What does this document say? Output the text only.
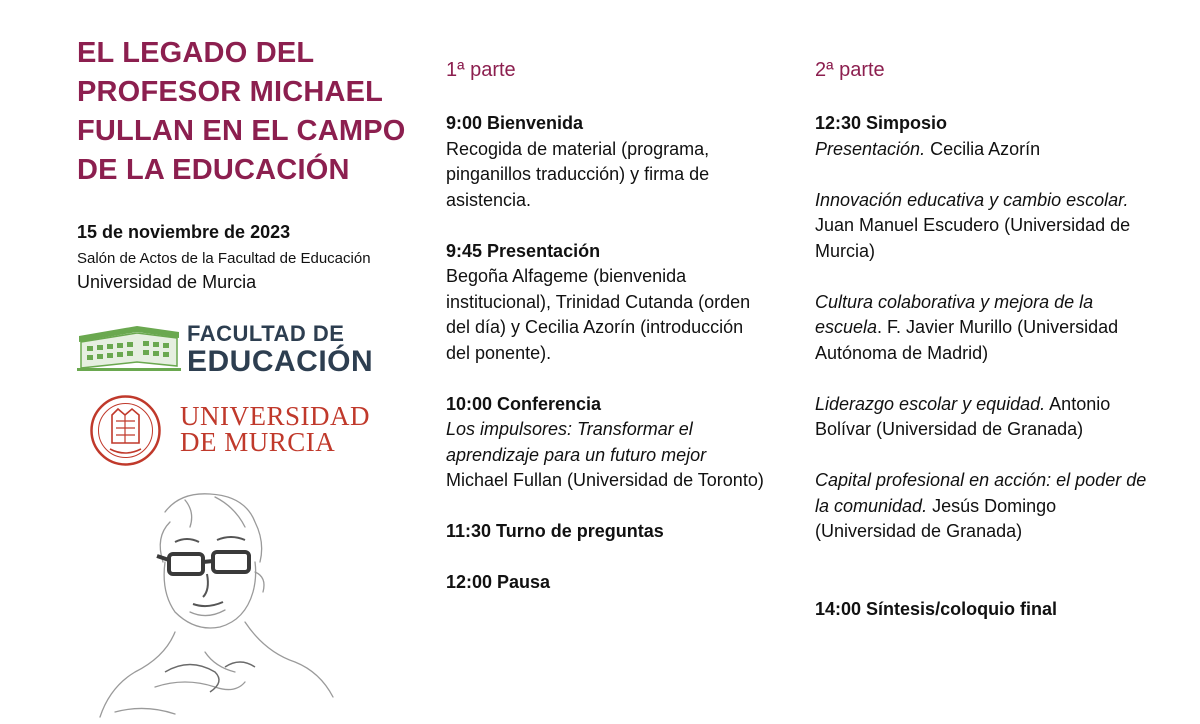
EL LEGADO DEL
PROFESOR MICHAEL
FULLAN EN EL CAMPO
DE LA EDUCACIÓN
15 de noviembre de 2023
Salón de Actos de la Facultad de Educación
Universidad de Murcia
FACULTAD DE
EDUCACIÓN
UNIVERSIDAD
DE MURCIA
1ª parte

9:00 Bienvenida

Recogida de material (programa, pinganillos traducción) y firma de asistencia.

9:45 Presentación

Begoña Alfageme (bienvenida institucional), Trinidad Cutanda (orden del día) y Cecilia Azorín (introducción del ponente).

10:00 Conferencia

Los impulsores: Transformar el aprendizaje para un futuro mejor

Michael Fullan (Universidad de Toronto)

11:30 Turno de preguntas

12:00 Pausa

2ª parte

12:30 Simposio

Presentación. Cecilia Azorín

Innovación educativa y cambio escolar. Juan Manuel Escudero (Universidad de Murcia)

Cultura colaborativa y mejora de la escuela. F. Javier Murillo (Universidad Autónoma de Madrid)

Liderazgo escolar y equidad. Antonio Bolívar (Universidad de Granada)

Capital profesional en acción: el poder de la comunidad. Jesús Domingo (Universidad de Granada)

14:00 Síntesis/coloquio final
